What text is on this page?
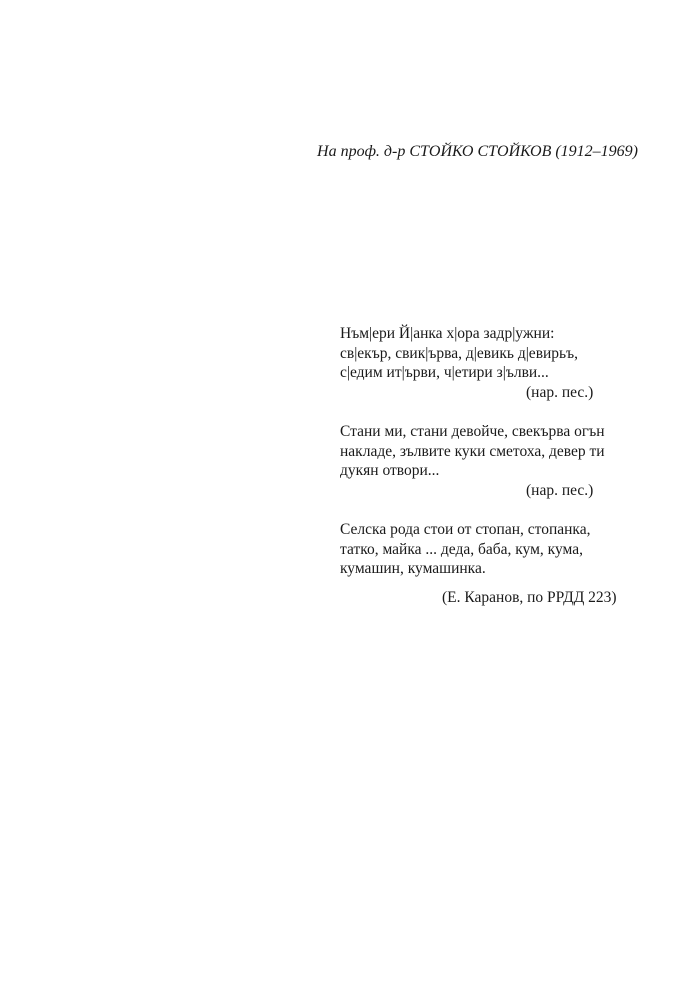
На проф. д-р СТОЙКО СТОЙКОВ (1912–1969)
Нъм|ери Й|анка х|ора задр|ужни:
св|екър, свик|ърва, д|евикь д|евирьъ,
с|едим ит|ърви, ч|етири з|ълви...
(нар. пес.)
Стани ми, стани девойче, свекърва огън
накладе, зълвите куки сметоха, девер ти
дукян отвори...
(нар. пес.)
Селска рода стои от стопан, стопанка,
татко, майка ... деда, баба, кум, кума,
кумашин, кумашинка.
(Е. Каранов, по РРДД 223)
